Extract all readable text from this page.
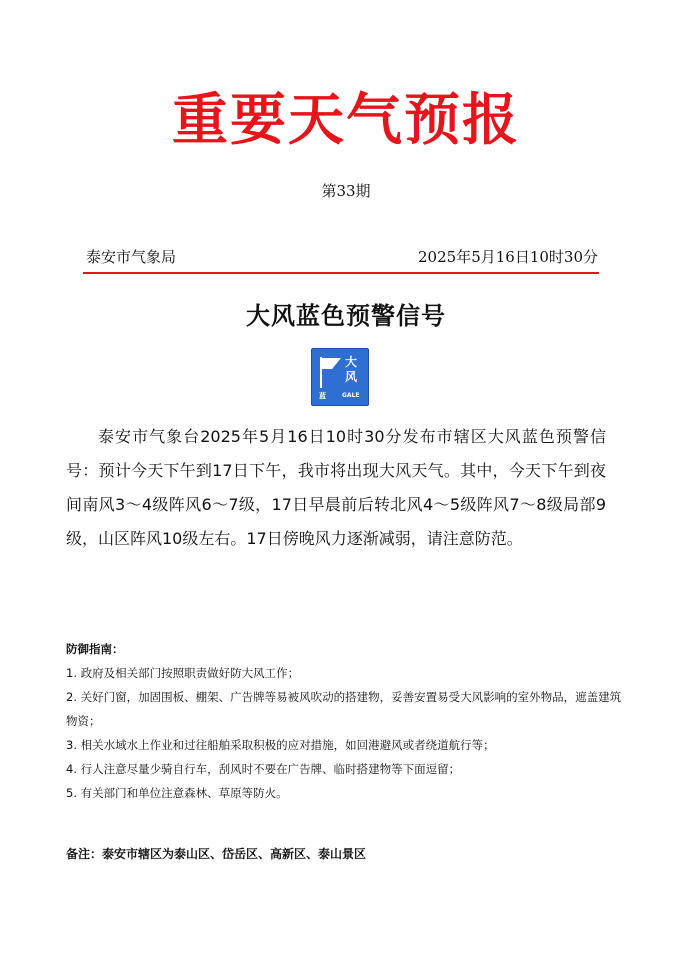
重要天气预报
第33期
泰安市气象局	2025年5月16日10时30分
大风蓝色预警信号
大
风
蓝	GALE

泰安市气象台2025年5月16日10时30分发布市辖区大风蓝色预警信号：预计今天下午到17日下午，我市将出现大风天气。其中，今天下午到夜间南风3～4级阵风6～7级，17日早晨前后转北风4～5级阵风7～8级局部9级，山区阵风10级左右。17日傍晚风力逐渐减弱，请注意防范。

防御指南：

1. 政府及相关部门按照职责做好防大风工作；

2. 关好门窗，加固围板、棚架、广告牌等易被风吹动的搭建物，妥善安置易受大风影响的室外物品，遮盖建筑物资；

3. 相关水域水上作业和过往船舶采取积极的应对措施，如回港避风或者绕道航行等；

4. 行人注意尽量少骑自行车，刮风时不要在广告牌、临时搭建物等下面逗留；

5. 有关部门和单位注意森林、草原等防火。

备注：泰安市辖区为泰山区、岱岳区、高新区、泰山景区
